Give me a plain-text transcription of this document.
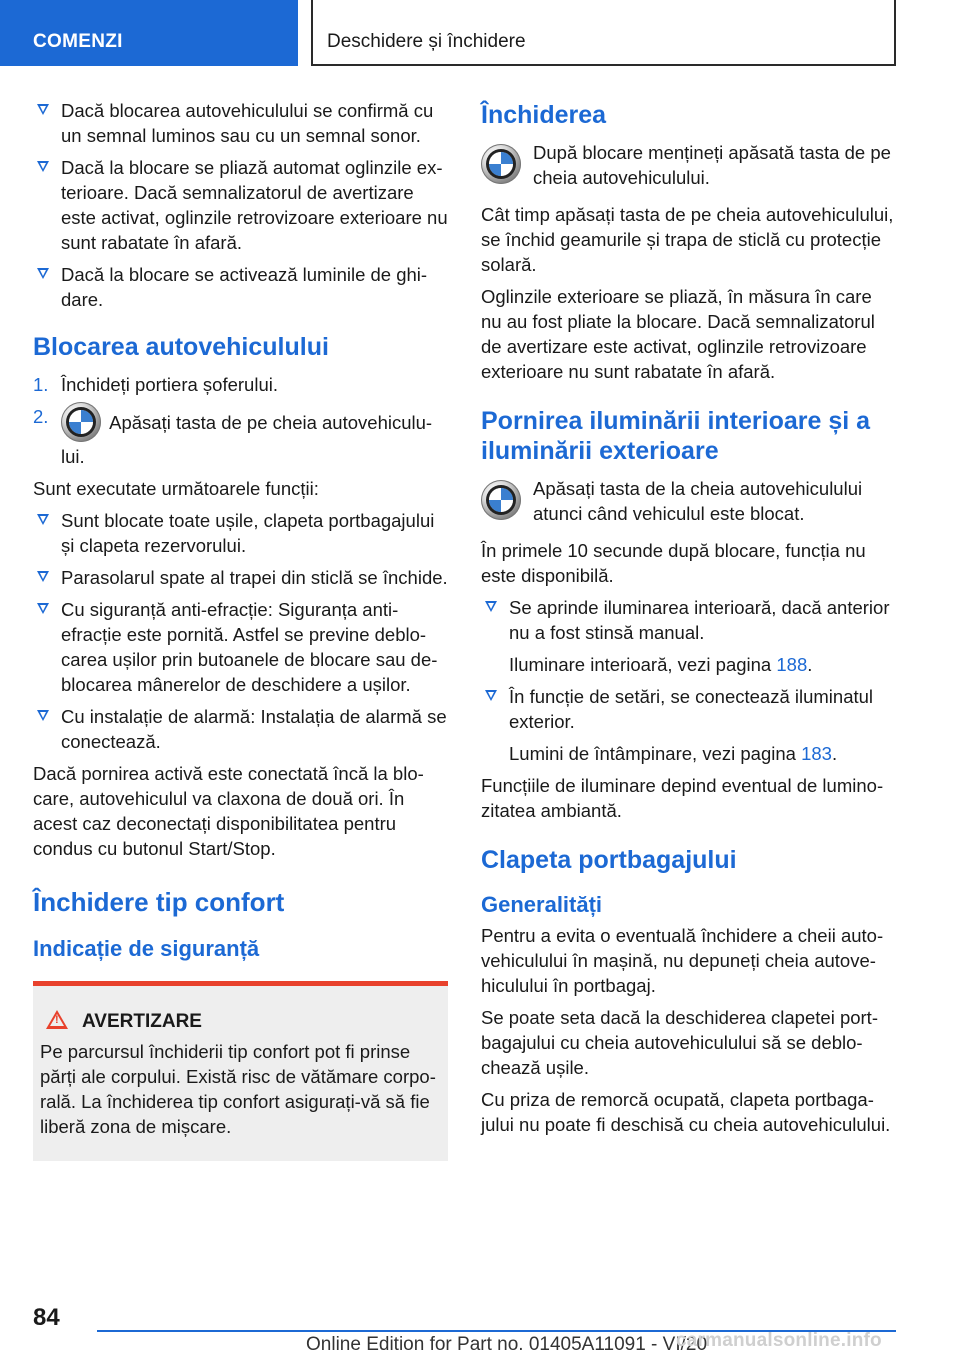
COMENZI	Deschidere și închidere
Dacă blocarea autovehiculului se confirmă cu un semnal luminos sau cu un semnal sonor.
Dacă la blocare se pliază automat oglinzile exterioare. Dacă semnalizatorul de avertizare este activat, oglinzile retrovizoare exterioare nu sunt rabatate în afară.
Dacă la blocare se activează luminile de ghidare.
Blocarea autovehiculului
1. Închideți portiera șoferului.
2.	Apăsați tasta de pe cheia autovehiculului.

Sunt executate următoarele funcții:

Sunt blocate toate ușile, clapeta portbagajului și clapeta rezervorului.
Parasolarul spate al trapei din sticlă se închide.
Cu siguranță anti-efracție: Siguranța anti-efracție este pornită. Astfel se previne deblocarea ușilor prin butoanele de blocare sau deblocarea mânerelor de deschidere a ușilor.
Cu instalație de alarmă: Instalația de alarmă se conectează.

Dacă pornirea activă este conectată încă la blocare, autovehiculul va claxona de două ori. În acest caz deconectați disponibilitatea pentru condus cu butonul Start/Stop.

Închidere tip confort
Indicație de siguranță
!AVERTIZARE

Pe parcursul închiderii tip confort pot fi prinse părți ale corpului. Există risc de vătămare corporală. La închiderea tip confort asigurați-vă să fie liberă zona de mișcare.

Închiderea

După blocare mențineți apăsată tasta de pe cheia autovehiculului.

Cât timp apăsați tasta de pe cheia autovehiculului, se închid geamurile și trapa de sticlă cu protecție solară.

Oglinzile exterioare se pliază, în măsura în care nu au fost pliate la blocare. Dacă semnalizatorul de avertizare este activat, oglinzile retrovizoare exterioare nu sunt rabatate în afară.

Pornirea iluminării interioare și a iluminării exterioare

Apăsați tasta de la cheia autovehiculului atunci când vehiculul este blocat.

În primele 10 secunde după blocare, funcția nu este disponibilă.

Se aprinde iluminarea interioară, dacă anterior nu a fost stinsă manual.

Iluminare interioară, vezi pagina 188.

În funcție de setări, se conectează iluminatul exterior.

Lumini de întâmpinare, vezi pagina 183.

Funcțiile de iluminare depind eventual de luminozitatea ambiantă.

Clapeta portbagajului
Generalități

Pentru a evita o eventuală închidere a cheii autovehiculului în mașină, nu depuneți cheia autovehiculului în portbagaj.

Se poate seta dacă la deschiderea clapetei portbagajului cu cheia autovehiculului să se deblochează ușile.

Cu priza de remorcă ocupată, clapeta portbagajului nu poate fi deschisă cu cheia autovehiculului.

84
Online Edition for Part no. 01405A11091 - VI/20
carmanualsonline.info
